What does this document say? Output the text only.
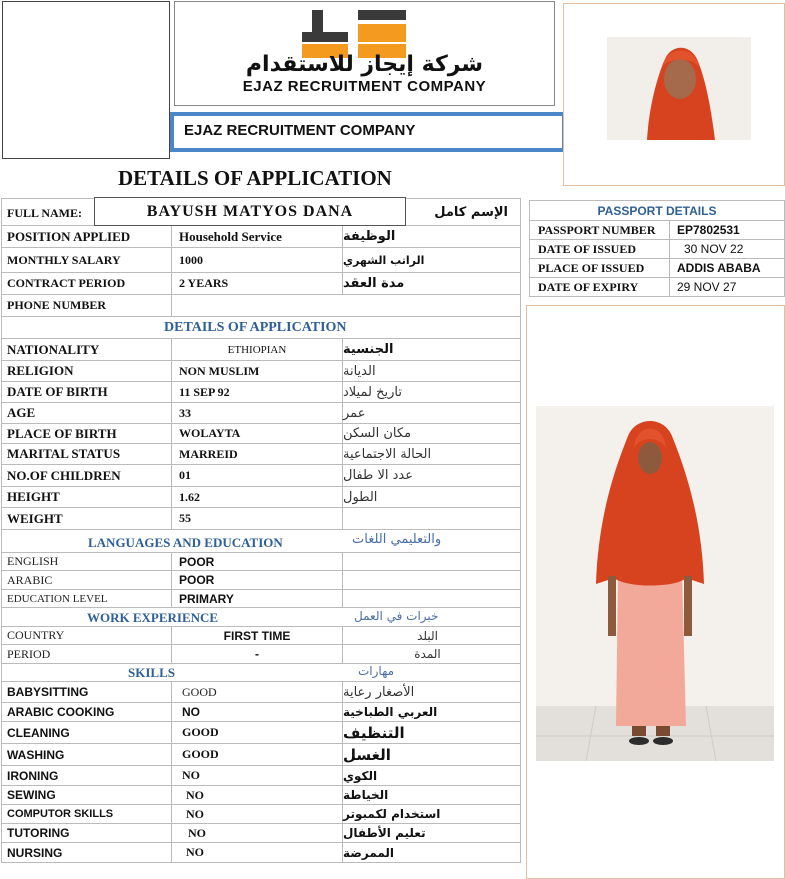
شركة إيجاز للاستقدام
EJAZ RECRUITMENT COMPANY
EJAZ RECRUITMENT COMPANY
DETAILS OF APPLICATION
FULL NAME:	BAYUSH MATYOS DANA	الإسم كامل
POSITION APPLIED	Household Service	الوظيفة
MONTHLY SALARY	1000	الراتب الشهري
CONTRACT PERIOD	2 YEARS	مدة العقد
PHONE NUMBER
DETAILS OF APPLICATION
NATIONALITY	ETHIOPIAN	الجنسية
RELIGION	NON MUSLIM	الديانة
DATE OF BIRTH	11 SEP 92	تاريخ لميلاد
AGE	33	عمر
PLACE OF BIRTH	WOLAYTA	مكان السكن
MARITAL STATUS	MARREID	الحالة الاجتماعية
NO.OF CHILDREN	01	عدد الا طفال
HEIGHT	1.62	الطول
WEIGHT	55
LANGUAGES AND EDUCATION	والتعليمي اللغات
ENGLISH	POOR
ARABIC	POOR
EDUCATION LEVEL	PRIMARY
WORK EXPERIENCE	خبرات في العمل
COUNTRY	FIRST TIME	البلد
PERIOD	-	المدة
SKILLS	مهارات
BABYSITTING	GOOD	الأصغار رعاية
ARABIC COOKING	NO	العربي الطباخية
CLEANING	GOOD	التنظيف
WASHING	GOOD	الغسل
IRONING	NO	الكوي
SEWING	NO	الخياطة
COMPUTOR SKILLS	NO	استخدام لكمبوتر
TUTORING	NO	تعليم الأطفال
NURSING	NO	الممرضة
PASSPORT DETAILS
PASSPORT NUMBER	EP7802531
DATE OF ISSUED	30 NOV 22
PLACE OF ISSUED	ADDIS ABABA
DATE OF EXPIRY	29 NOV 27
